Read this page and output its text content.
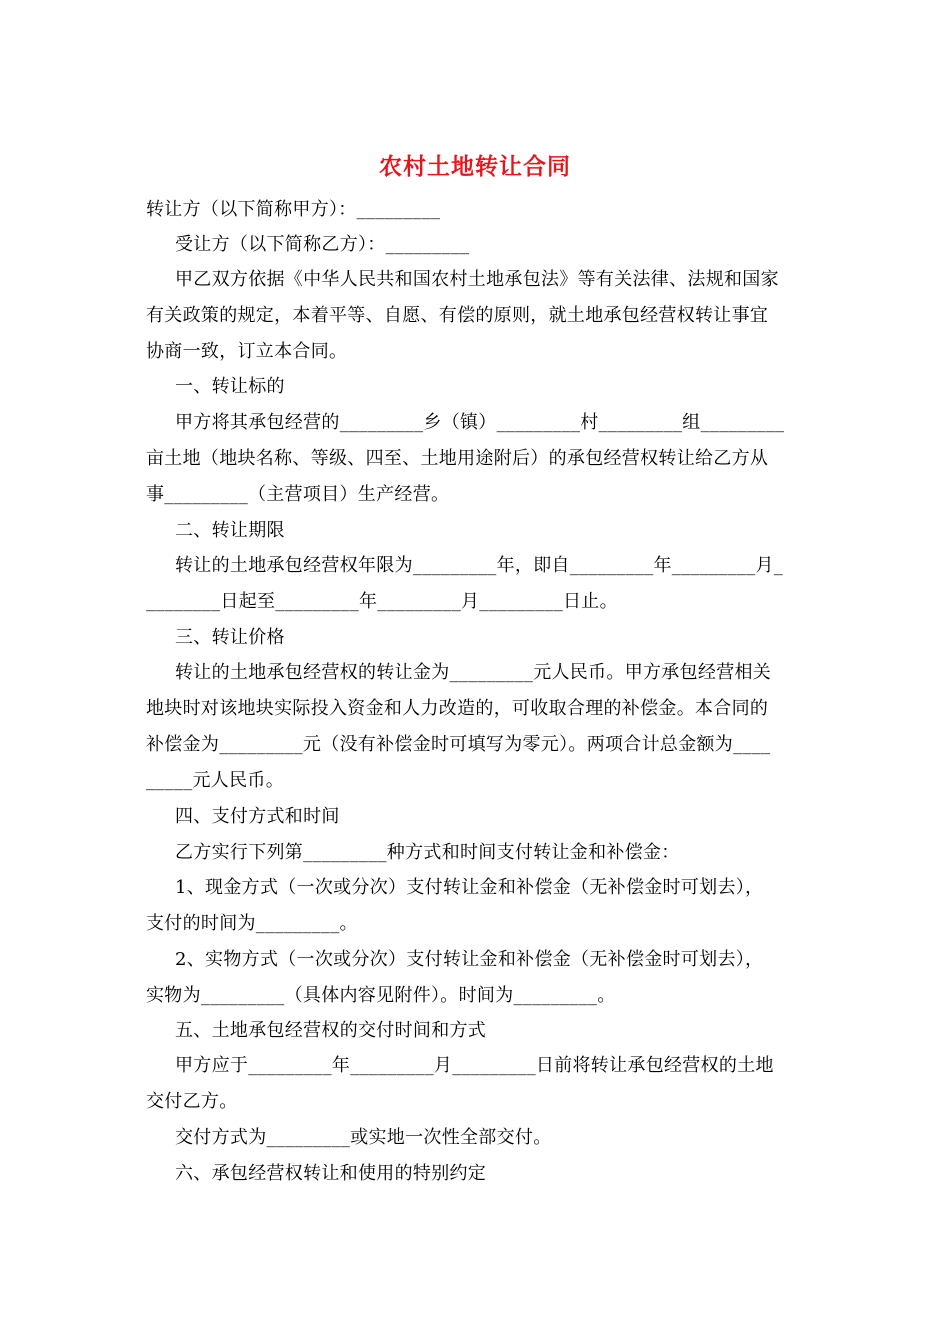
农村土地转让合同
转让方（以下简称甲方）：_________
受让方（以下简称乙方）：_________
甲乙双方依据《中华人民共和国农村土地承包法》等有关法律、法规和国家
有关政策的规定，本着平等、自愿、有偿的原则，就土地承包经营权转让事宜
协商一致，订立本合同。
一、转让标的
甲方将其承包经营的_________乡（镇）_________村_________组_________
亩土地（地块名称、等级、四至、土地用途附后）的承包经营权转让给乙方从
事_________（主营项目）生产经营。
二、转让期限
转让的土地承包经营权年限为_________年，即自_________年_________月_
________日起至_________年_________月_________日止。
三、转让价格
转让的土地承包经营权的转让金为_________元人民币。甲方承包经营相关
地块时对该地块实际投入资金和人力改造的，可收取合理的补偿金。本合同的
补偿金为_________元（没有补偿金时可填写为零元）。两项合计总金额为____
_____元人民币。
四、支付方式和时间
乙方实行下列第_________种方式和时间支付转让金和补偿金：
1、现金方式（一次或分次）支付转让金和补偿金（无补偿金时可划去），
支付的时间为_________。
2、实物方式（一次或分次）支付转让金和补偿金（无补偿金时可划去），
实物为_________（具体内容见附件）。时间为_________。
五、土地承包经营权的交付时间和方式
甲方应于_________年_________月_________日前将转让承包经营权的土地
交付乙方。
交付方式为_________或实地一次性全部交付。
六、承包经营权转让和使用的特别约定
